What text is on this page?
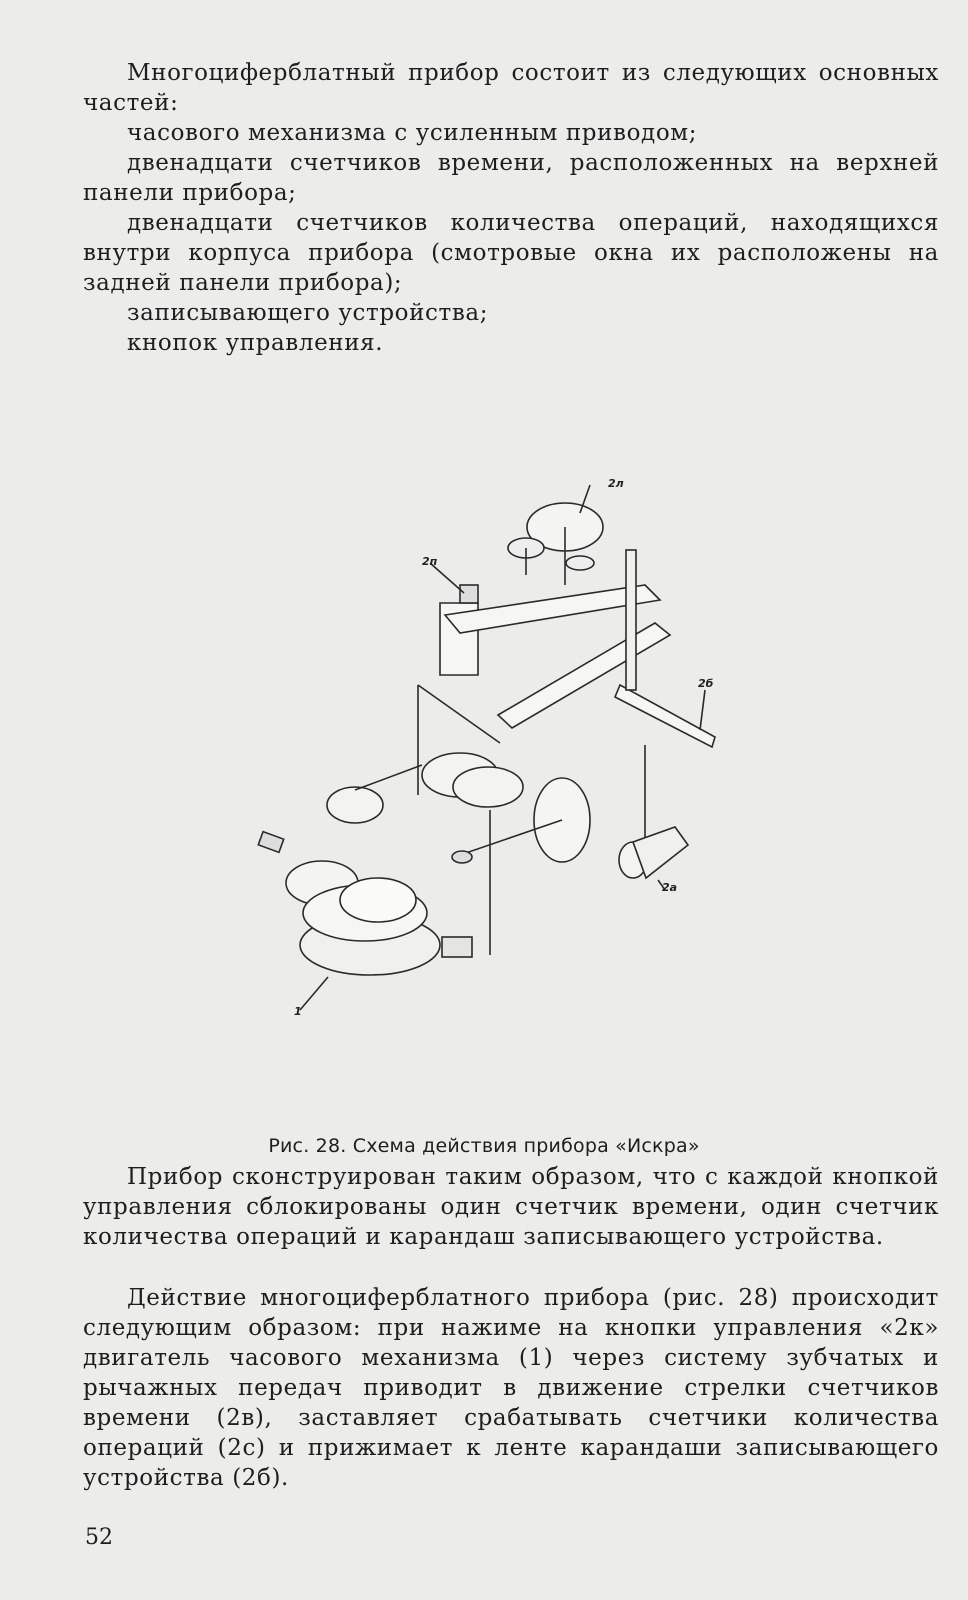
Многоциферблатный прибор состоит из следующих основных частей:

часового механизма с усиленным приводом;

двенадцати счетчиков времени, расположенных на верхней панели прибора;

двенадцати счетчиков количества операций, находящихся внутри корпуса прибора (смотровые окна их расположены на задней панели прибора);

записывающего устройства;

кнопок управления.

2л
2п
2б
2а
1
Рис. 28. Схема действия прибора «Искра»

Прибор сконструирован таким образом, что с каждой кнопкой управления сблокированы один счетчик времени, один счетчик количества операций и карандаш записывающего устройства.

Действие многоциферблатного прибора (рис. 28) происходит следующим образом: при нажиме на кнопки управления «2к» двигатель часового механизма (1) через систему зубчатых и рычажных передач приводит в движение стрелки счетчиков времени (2в), заставляет срабатывать счетчики количества операций (2с) и прижимает к ленте карандаши записывающего устройства (2б).

52
